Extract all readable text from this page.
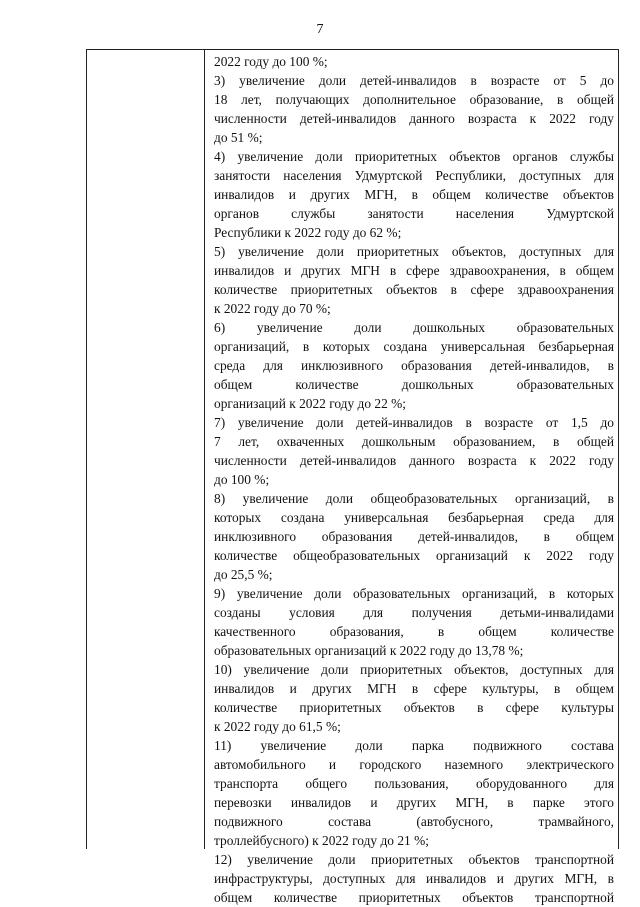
7
2022 году до 100 %;
3) увеличение доли детей-инвалидов в возрасте от 5 до
18 лет, получающих дополнительное образование, в общей
численности детей-инвалидов данного возраста к 2022 году
до 51 %;
4) увеличение доли приоритетных объектов органов службы
занятости населения Удмуртской Республики, доступных для
инвалидов и других МГН, в общем количестве объектов
органов службы занятости населения Удмуртской
Республики к 2022 году до 62 %;
5) увеличение доли приоритетных объектов, доступных для
инвалидов и других МГН в сфере здравоохранения, в общем
количестве приоритетных объектов в сфере здравоохранения
к 2022 году до 70 %;
6) увеличение доли дошкольных образовательных
организаций, в которых создана универсальная безбарьерная
среда для инклюзивного образования детей-инвалидов, в
общем количестве дошкольных образовательных
организаций к 2022 году до 22 %;
7) увеличение доли детей-инвалидов в возрасте от 1,5 до
7 лет, охваченных дошкольным образованием, в общей
численности детей-инвалидов данного возраста к 2022 году
до 100 %;
8) увеличение доли общеобразовательных организаций, в
которых создана универсальная безбарьерная среда для
инклюзивного образования детей-инвалидов, в общем
количестве общеобразовательных организаций к 2022 году
до 25,5 %;
9) увеличение доли образовательных организаций, в которых
созданы условия для получения детьми-инвалидами
качественного образования, в общем количестве
образовательных организаций к 2022 году до 13,78 %;
10) увеличение доли приоритетных объектов, доступных для
инвалидов и других МГН в сфере культуры, в общем
количестве приоритетных объектов в сфере культуры
к 2022 году до 61,5 %;
11) увеличение доли парка подвижного состава
автомобильного и городского наземного электрического
транспорта общего пользования, оборудованного для
перевозки инвалидов и других МГН, в парке этого
подвижного состава (автобусного, трамвайного,
троллейбусного) к 2022 году до 21 %;
12) увеличение доли приоритетных объектов транспортной
инфраструктуры, доступных для инвалидов и других МГН, в
общем количестве приоритетных объектов транспортной
